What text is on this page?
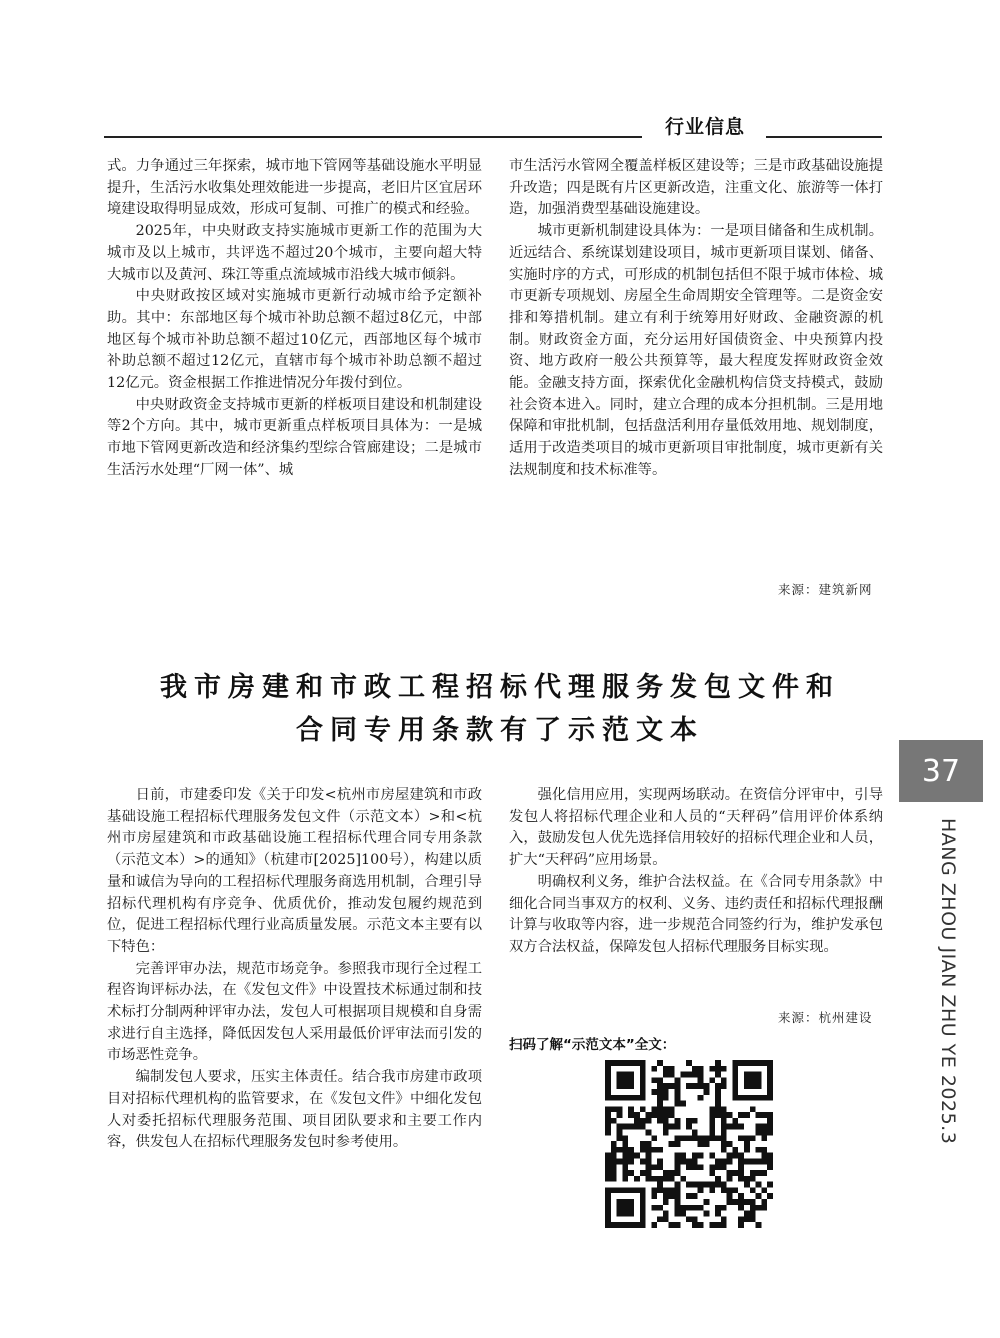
行业信息

式。力争通过三年探索，城市地下管网等基础设施水平明显提升，生活污水收集处理效能进一步提高，老旧片区宜居环境建设取得明显成效，形成可复制、可推广的模式和经验。

2025年，中央财政支持实施城市更新工作的范围为大城市及以上城市，共评选不超过20个城市，主要向超大特大城市以及黄河、珠江等重点流域城市沿线大城市倾斜。

中央财政按区域对实施城市更新行动城市给予定额补助。其中：东部地区每个城市补助总额不超过8亿元，中部地区每个城市补助总额不超过10亿元，西部地区每个城市补助总额不超过12亿元，直辖市每个城市补助总额不超过12亿元。资金根据工作推进情况分年拨付到位。

中央财政资金支持城市更新的样板项目建设和机制建设等2个方向。其中，城市更新重点样板项目具体为：一是城市地下管网更新改造和经济集约型综合管廊建设；二是城市生活污水处理“厂网一体”、城

市生活污水管网全覆盖样板区建设等；三是市政基础设施提升改造；四是既有片区更新改造，注重文化、旅游等一体打造，加强消费型基础设施建设。

城市更新机制建设具体为：一是项目储备和生成机制。近远结合、系统谋划建设项目，城市更新项目谋划、储备、实施时序的方式，可形成的机制包括但不限于城市体检、城市更新专项规划、房屋全生命周期安全管理等。二是资金安排和筹措机制。建立有利于统筹用好财政、金融资源的机制。财政资金方面，充分运用好国债资金、中央预算内投资、地方政府一般公共预算等，最大程度发挥财政资金效能。金融支持方面，探索优化金融机构信贷支持模式，鼓励社会资本进入。同时，建立合理的成本分担机制。三是用地保障和审批机制，包括盘活利用存量低效用地、规划制度，适用于改造类项目的城市更新项目审批制度，城市更新有关法规制度和技术标准等。

来源：建筑新网
我市房建和市政工程招标代理服务发包文件和
合同专用条款有了示范文本

日前，市建委印发《关于印发<杭州市房屋建筑和市政基础设施工程招标代理服务发包文件（示范文本）>和<杭州市房屋建筑和市政基础设施工程招标代理合同专用条款（示范文本）>的通知》（杭建市[2025]100号），构建以质量和诚信为导向的工程招标代理服务商选用机制，合理引导招标代理机构有序竞争、优质优价，推动发包履约规范到位，促进工程招标代理行业高质量发展。示范文本主要有以下特色：

完善评审办法，规范市场竞争。参照我市现行全过程工程咨询评标办法，在《发包文件》中设置技术标通过制和技术标打分制两种评审办法，发包人可根据项目规模和自身需求进行自主选择，降低因发包人采用最低价评审法而引发的市场恶性竞争。

编制发包人要求，压实主体责任。结合我市房建市政项目对招标代理机构的监管要求，在《发包文件》中细化发包人对委托招标代理服务范围、项目团队要求和主要工作内容，供发包人在招标代理服务发包时参考使用。

强化信用应用，实现两场联动。在资信分评审中，引导发包人将招标代理企业和人员的“天秤码”信用评价体系纳入，鼓励发包人优先选择信用较好的招标代理企业和人员，扩大“天秤码”应用场景。

明确权利义务，维护合法权益。在《合同专用条款》中细化合同当事双方的权利、义务、违约责任和招标代理报酬计算与收取等内容，进一步规范合同签约行为，维护发承包双方合法权益，保障发包人招标代理服务目标实现。

来源：杭州建设
扫码了解“示范文本”全文：
37
HANG ZHOU JIAN ZHU YE 2025.3
